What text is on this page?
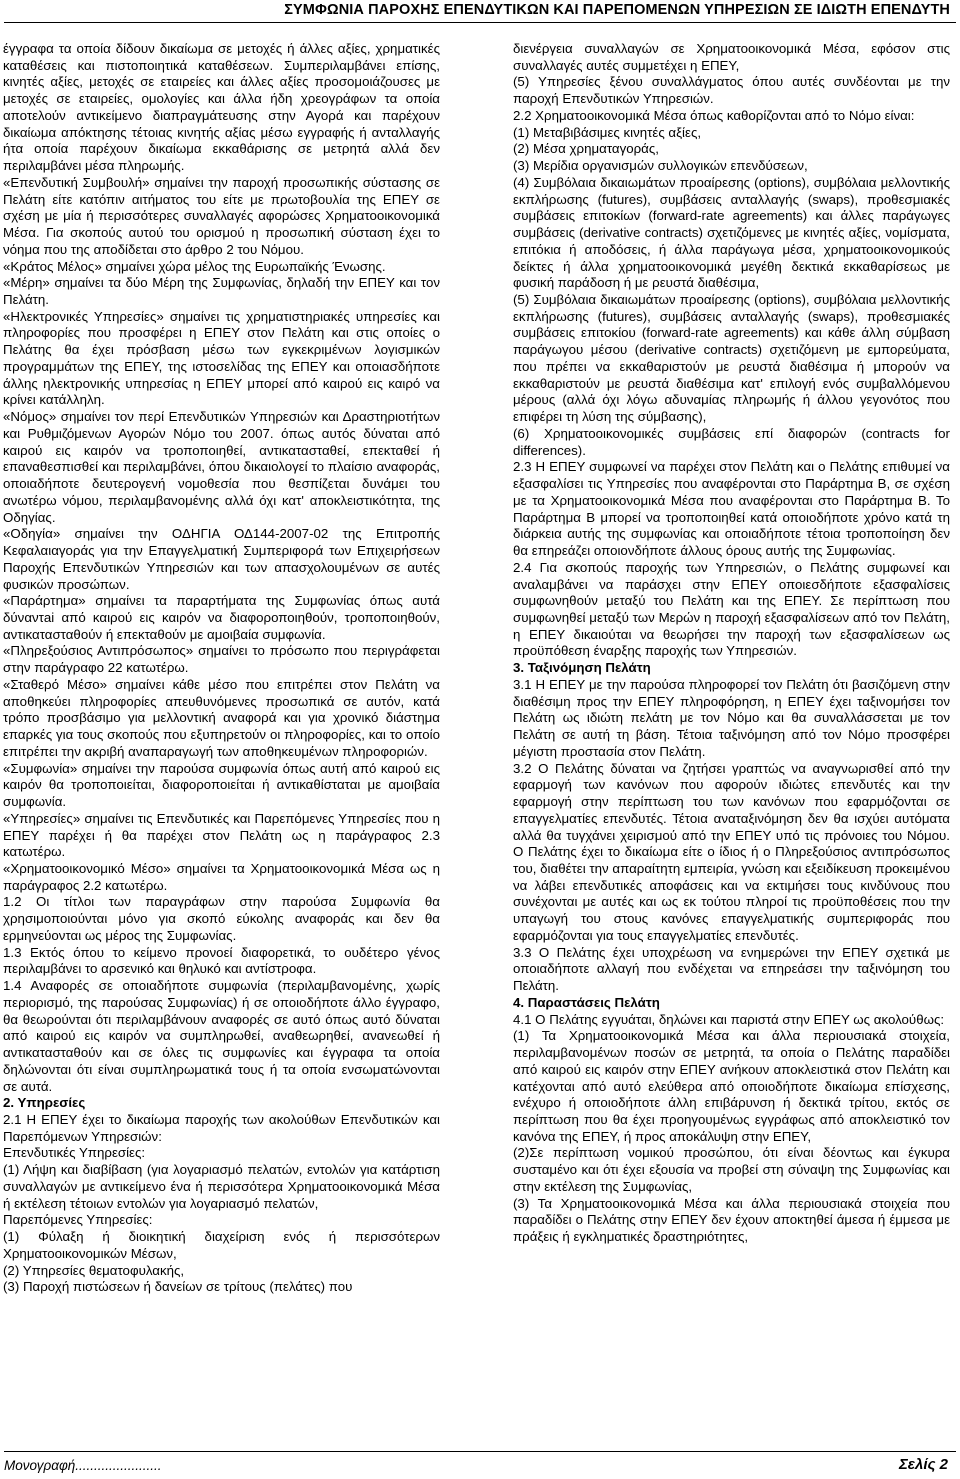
ΣΥΜΦΩΝΙΑ ΠΑΡΟΧΗΣ ΕΠΕΝΔΥΤΙΚΩΝ ΚΑΙ ΠΑΡΕΠΟΜΕΝΩΝ ΥΠΗΡΕΣΙΩΝ ΣΕ ΙΔΙΩΤΗ ΕΠΕΝΔΥΤΗ

έγγραφα τα οποία δίδουν δικαίωμα σε μετοχές ή άλλες αξίες, χρηματικές καταθέσεις και πιστοποιητικά καταθέσεων. Συμπεριλαμβάνει επίσης, κινητές αξίες, μετοχές σε εταιρείες και άλλες αξίες προσομοιάζουσες με μετοχές σε εταιρείες, ομολογίες και άλλα ήδη χρεογράφων τα οποία αποτελούν αντικείμενο διαπραγμάτευσης στην Αγορά και παρέχουν δικαίωμα απόκτησης τέτοιας κινητής αξίας μέσω εγγραφής ή ανταλλαγής ήτα οποία παρέχουν δικαίωμα εκκαθάρισης σε μετρητά αλλά δεν περιλαμβάνει μέσα πληρωμής.

«Επενδυτική Συμβουλή» σημαίνει την παροχή προσωπικής σύστασης σε Πελάτη είτε κατόπιν αιτήματος του είτε με πρωτοβουλία της ΕΠΕΥ σε σχέση με μία ή περισσότερες συναλλαγές αφορώσες Χρηματοοικονομικά Μέσα. Για σκοπούς αυτού του ορισμού η προσωπική σύσταση έχει το νόημα που της αποδίδεται στο άρθρο 2 του Νόμου.

«Κράτος Μέλος» σημαίνει χώρα μέλος της Ευρωπαϊκής Ένωσης.

«Μέρη» σημαίνει τα δύο Μέρη της Συμφωνίας, δηλαδή την ΕΠΕΥ και τον Πελάτη.

«Ηλεκτρονικές Υπηρεσίες» σημαίνει τις χρηματιστηριακές υπηρεσίες και πληροφορίες που προσφέρει η ΕΠΕΥ στον Πελάτη και στις οποίες ο Πελάτης θα έχει πρόσβαση μέσω των εγκεκριμένων λογισμικών προγραμμάτων της ΕΠΕΥ, της ιστοσελίδας της ΕΠΕΥ και οποιασδήποτε άλλης ηλεκτρονικής υπηρεσίας η ΕΠΕΥ μπορεί από καιρού εις καιρό να κρίνει κατάλληλη.

«Νόμος» σημαίνει τον περί Επενδυτικών Υπηρεσιών και Δραστηριοτήτων και Ρυθμιζόμενων Αγορών Νόμο του 2007. όπως αυτός δύναται από καιρού εις καιρόν να τροποποιηθεί, αντικατασταθεί, επεκταθεί ή επαναθεσπισθεί και περιλαμβάνει, όπου δικαιολογεί το πλαίσιο αναφοράς, οποιαδήποτε δευτερογενή νομοθεσία που θεσπίζεται δυνάμει του ανωτέρω νόμου, περιλαμβανομένης αλλά όχι κατ' αποκλειστικότητα, της Οδηγίας.

«Οδηγία» σημαίνει την ΟΔΗΓΙΑ ΟΔ144-2007-02 της Επιτροπής Κεφαλαιαγοράς για την Επαγγελματική Συμπεριφορά των Επιχειρήσεων Παροχής Επενδυτικών Υπηρεσιών και των απασχολουμένων σε αυτές φυσικών προσώπων.

«Παράρτημα» σημαίνει τα παραρτήματα της Συμφωνίας όπως αυτά δύναντai από καιρού εις καιρόν να διαφοροποιηθούν, τροποποιηθούν, αντικατασταθούν ή επεκταθούν με αμοιβαία συμφωνία.

«Πληρεξούσιος Αντιπρόσωπος» σημαίνει το πρόσωπο που περιγράφεται στην παράγραφο 22 κατωτέρω.

«Σταθερό Μέσο» σημαίνει κάθε μέσο που επιτρέπει στον Πελάτη να αποθηκεύει πληροφορίες απευθυνόμενες προσωπικά σε αυτόν, κατά τρόπο προσβάσιμο για μελλοντική αναφορά και για χρονικό διάστημα επαρκές για τους σκοπούς που εξυπηρετούν οι πληροφορίες, και το οποίο επιτρέπει την ακριβή αναπαραγωγή των αποθηκευμένων πληροφοριών.

«Συμφωνία» σημαίνει την παρούσα συμφωνία όπως αυτή από καιρού εις καιρόν θα τροποποιείται, διαφοροποιείται ή αντικαθίσταται με αμοιβαία συμφωνία.

«Υπηρεσίες» σημαίνει τις Επενδυτικές και Παρεπόμενες Υπηρεσίες που η ΕΠΕΥ παρέχει ή θα παρέχει στον Πελάτη ως η παράγραφος 2.3 κατωτέρω.

«Χρηματοοικονομικό Μέσο» σημαίνει τα Χρηματοοικονομικά Μέσα ως η παράγραφος 2.2 κατωτέρω.

1.2 Οι τίτλοι των παραγράφων στην παρούσα Συμφωνία θα χρησιμοποιούνται μόνο για σκοπό εύκολης αναφοράς και δεν θα ερμηνεύονται ως μέρος της Συμφωνίας.

1.3 Εκτός όπου το κείμενο προνοεί διαφορετικά, το ουδέτερο γένος περιλαμβάνει το αρσενικό και θηλυκό και αντίστροφα.

1.4 Αναφορές σε οποιαδήποτε συμφωνία (περιλαμβανομένης, χωρίς περιορισμό, της παρούσας Συμφωνίας) ή σε οποιοδήποτε άλλο έγγραφο, θα θεωρούνται ότι περιλαμβάνουν αναφορές σε αυτό όπως αυτό δύναται από καιρού εις καιρόν να συμπληρωθεί, αναθεωρηθεί, ανανεωθεί ή αντικατασταθούν και σε όλες τις συμφωνίες και έγγραφα τα οποία δηλώνονται ότι είναι συμπληρωματικά τους ή τα οποία ενσωματώνονται σε αυτά.

2. Υπηρεσίες

2.1 Η ΕΠΕΥ έχει το δικαίωμα παροχής των ακολούθων Επενδυτικών και Παρεπόμενων Υπηρεσιών:

Επενδυτικές Υπηρεσίες:

(1) Λήψη και διαβίβαση (για λογαριασμό πελατών, εντολών για κατάρτιση συναλλαγών με αντικείμενο ένα ή περισσότερα Χρηματοοικονομικά Μέσα ή εκτέλεση τέτοιων εντολών για λογαριασμό πελατών,

Παρεπόμενες Υπηρεσίες:

(1) Φύλαξη ή διοικητική διαχείριση ενός ή περισσότερων Χρηματοοικονομικών Μέσων,

(2) Υπηρεσίες θεματοφυλακής,

(3) Παροχή πιστώσεων ή δανείων σε τρίτους (πελάτες) που

διενέργεια συναλλαγών σε Χρηματοοικονομικά Μέσα, εφόσον στις συναλλαγές αυτές συμμετέχει η ΕΠΕΥ,

(5) Υπηρεσίες ξένου συναλλάγματος όπου αυτές συνδέονται με την παροχή Επενδυτικών Υπηρεσιών.

2.2 Χρηματοοικονομικά Μέσα όπως καθορίζονται από το Νόμο είναι:

(1) Μεταβιβάσιμες κινητές αξίες,

(2) Μέσα χρηματαγοράς,

(3) Μερίδια οργανισμών συλλογικών επενδύσεων,

(4) Συμβόλαια δικαιωμάτων προαίρεσης (options), συμβόλαια μελλοντικής εκπλήρωσης (futures), συμβάσεις ανταλλαγής (swaps), προθεσμιακές συμβάσεις επιτοκίων (forward-rate agreements) και άλλες παράγωγες συμβάσεις (derivative contracts) σχετιζόμενες με κινητές αξίες, νομίσματα, επιτόκια ή αποδόσεις, ή άλλα παράγωγα μέσα, χρηματοοικονομικούς δείκτες ή άλλα χρηματοοικονομικά μεγέθη δεκτικά εκκαθαρίσεως με φυσική παράδοση ή με ρευστά διαθέσιμα,

(5) Συμβόλαια δικαιωμάτων προαίρεσης (options), συμβόλαια μελλοντικής εκπλήρωσης (futures), συμβάσεις ανταλλαγής (swaps), προθεσμιακές συμβάσεις επιτοκίου (forward-rate agreements) και κάθε άλλη σύμβαση παράγωγου μέσου (derivative contracts) σχετιζόμενη με εμπορεύματα, που πρέπει να εκκαθαριστούν με ρευστά διαθέσιμα ή μπορούν να εκκαθαριστούν με ρευστά διαθέσιμα κατ' επιλογή ενός συμβαλλόμενου μέρους (αλλά όχι λόγω αδυναμίας πληρωμής ή άλλου γεγονότος που επιφέρει τη λύση της σύμβασης),

(6) Χρηματοοικονομικές συμβάσεις επί διαφορών (contracts for differences).

2.3 Η ΕΠΕΥ συμφωνεί να παρέχει στον Πελάτη και ο Πελάτης επιθυμεί να εξασφαλίσει τις Υπηρεσίες που αναφέρονται στο Παράρτημα Β, σε σχέση με τα Χρηματοοικονομικά Μέσα που αναφέρονται στο Παράρτημα Β. Το Παράρτημα Β μπορεί να τροποποιηθεί κατά οποιοδήποτε χρόνο κατά τη διάρκεια αυτής της συμφωνίας και οποιαδήποτε τέτοια τροποποίηση δεν θα επηρεάζει οποιονδήποτε άλλους όρους αυτής της Συμφωνίας.

2.4 Για σκοπούς παροχής των Υπηρεσιών, ο Πελάτης συμφωνεί και αναλαμβάνει να παράσχει στην ΕΠΕΥ οποιεσδήποτε εξασφαλίσεις συμφωνηθούν μεταξύ του Πελάτη και της ΕΠΕΥ. Σε περίπτωση που συμφωνηθεί μεταξύ των Μερών η παροχή εξασφαλίσεων από τον Πελάτη, η ΕΠΕΥ δικαιούται να θεωρήσει την παροχή των εξασφαλίσεων ως προϋπόθεση έναρξης παροχής των Υπηρεσιών.

3. Ταξινόμηση Πελάτη

3.1 Η ΕΠΕΥ με την παρούσα πληροφορεί τον Πελάτη ότι βασιζόμενη στην διαθέσιμη προς την ΕΠΕΥ πληροφόρηση, η ΕΠΕΥ έχει ταξινομήσει τον Πελάτη ως ιδιώτη πελάτη με τον Νόμο και θα συναλλάσσεται με τον Πελάτη σε αυτή τη βάση. Τέτοια ταξινόμηση από τον Νόμο προσφέρει μέγιστη προστασία στον Πελάτη.

3.2 Ο Πελάτης δύναται να ζητήσει γραπτώς να αναγνωρισθεί από την εφαρμογή των κανόνων που αφορούν ιδιώτες επενδυτές και την εφαρμογή στην περίπτωση του των κανόνων που εφαρμόζονται σε επαγγελματίες επενδυτές. Τέτοια αναταξινόμηση δεν θα ισχύει αυτόματα αλλά θα τυγχάνει χειρισμού από την ΕΠΕΥ υπό τις πρόνοιες του Νόμου. Ο Πελάτης έχει το δικαίωμα είτε ο ίδιος ή ο Πληρεξούσιος αντιπρόσωπος του, διαθέτει την απαραίτητη εμπειρία, γνώση και εξειδίκευση προκειμένου να λάβει επενδυτικές αποφάσεις και να εκτιμήσει τους κινδύνους που συνέχονται με αυτές και ως εκ τούτου πληροί τις προϋποθέσεις που την υπαγωγή του στους κανόνες επαγγελματικής συμπεριφοράς που εφαρμόζονται για τους επαγγελματίες επενδυτές.

3.3 Ο Πελάτης έχει υποχρέωση να ενημερώνει την ΕΠΕΥ σχετικά με οποιαδήποτε αλλαγή που ενδέχεται να επηρεάσει την ταξινόμηση του Πελάτη.

4. Παραστάσεις Πελάτη

4.1 Ο Πελάτης εγγυάται, δηλώνει και παριστά στην ΕΠΕΥ ως ακολούθως:

(1) Τα Χρηματοοικονομικά Μέσα και άλλα περιουσιακά στοιχεία, περιλαμβανομένων ποσών σε μετρητά, τα οποία ο Πελάτης παραδίδει από καιρού εις καιρόν στην ΕΠΕΥ ανήκουν αποκλειστικά στον Πελάτη και κατέχονται από αυτό ελεύθερα από οποιοδήποτε δικαίωμα επίσχεσης, ενέχυρο ή οποιοδήποτε άλλη επιβάρυνση ή δεκτικά τρίτου, εκτός σε περίπτωση που θα έχει προηγουμένως εγγράφως από αποκλειστικό τον κανόνα της ΕΠΕΥ, ή προς αποκάλυψη στην ΕΠΕΥ,

(2)Σε περίπτωση νομικού προσώπου, ότι είναι δέοντως και έγκυρα συσταμένο και ότι έχει εξουσία να προβεί στη σύναψη της Συμφωνίας και στην εκτέλεση της Συμφωνίας,

(3) Τα Χρηματοοικονομικά Μέσα και άλλα περιουσιακά στοιχεία που παραδίδει ο Πελάτης στην ΕΠΕΥ δεν έχουν αποκτηθεί άμεσα ή έμμεσα με πράξεις ή εγκληματικές δραστηριότητες,

Μονογραφή.......................	Σελίς 2
